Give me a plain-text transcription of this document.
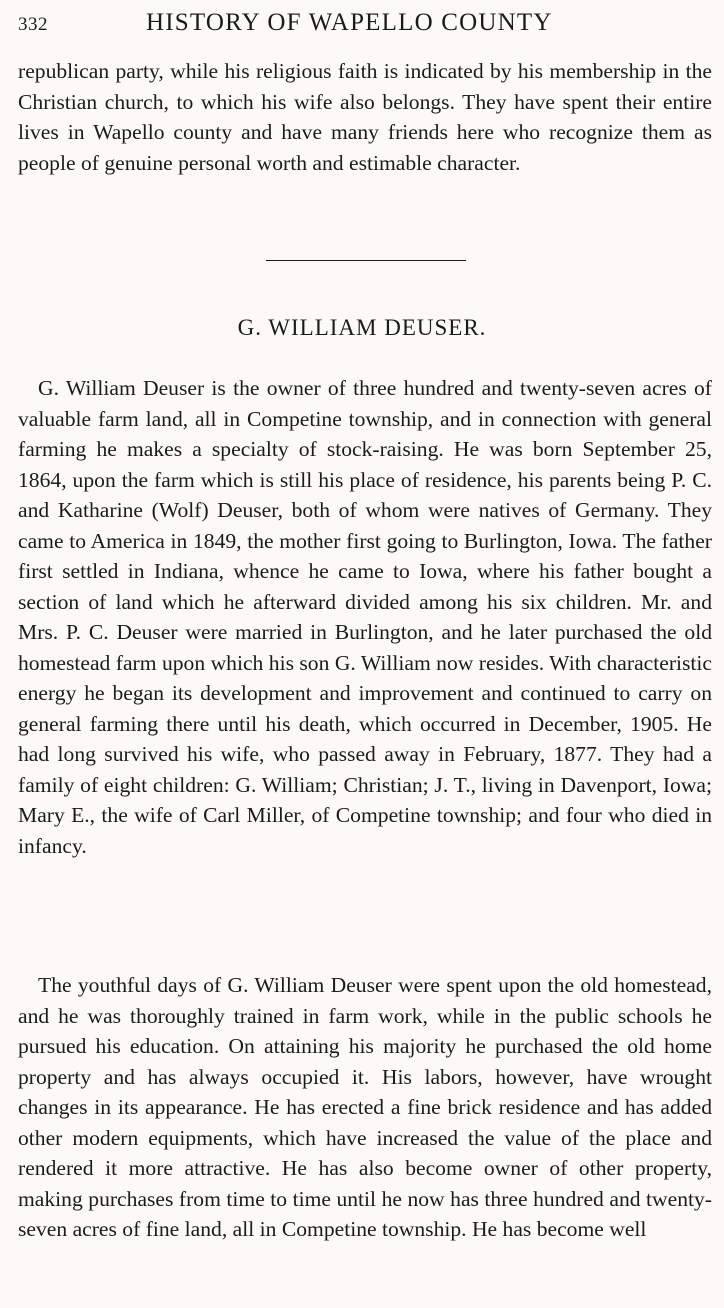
332	HISTORY OF WAPELLO COUNTY

republican party, while his religious faith is indicated by his membership in the Christian church, to which his wife also belongs. They have spent their entire lives in Wapello county and have many friends here who recognize them as people of genuine personal worth and estimable character.

G. WILLIAM DEUSER.

G. William Deuser is the owner of three hundred and twenty-seven acres of valuable farm land, all in Competine township, and in connection with general farming he makes a specialty of stock-raising. He was born September 25, 1864, upon the farm which is still his place of residence, his parents being P. C. and Katharine (Wolf) Deuser, both of whom were natives of Germany. They came to America in 1849, the mother first going to Burlington, Iowa. The father first settled in Indiana, whence he came to Iowa, where his father bought a section of land which he afterward divided among his six children. Mr. and Mrs. P. C. Deuser were married in Burlington, and he later purchased the old homestead farm upon which his son G. William now resides. With characteristic energy he began its development and improvement and continued to carry on general farming there until his death, which occurred in December, 1905. He had long survived his wife, who passed away in February, 1877. They had a family of eight children: G. William; Christian; J. T., living in Davenport, Iowa; Mary E., the wife of Carl Miller, of Competine township; and four who died in infancy.

The youthful days of G. William Deuser were spent upon the old homestead, and he was thoroughly trained in farm work, while in the public schools he pursued his education. On attaining his majority he purchased the old home property and has always occupied it. His labors, however, have wrought changes in its appearance. He has erected a fine brick residence and has added other modern equipments, which have increased the value of the place and rendered it more attractive. He has also become owner of other property, making purchases from time to time until he now has three hundred and twenty-seven acres of fine land, all in Competine township. He has become well
